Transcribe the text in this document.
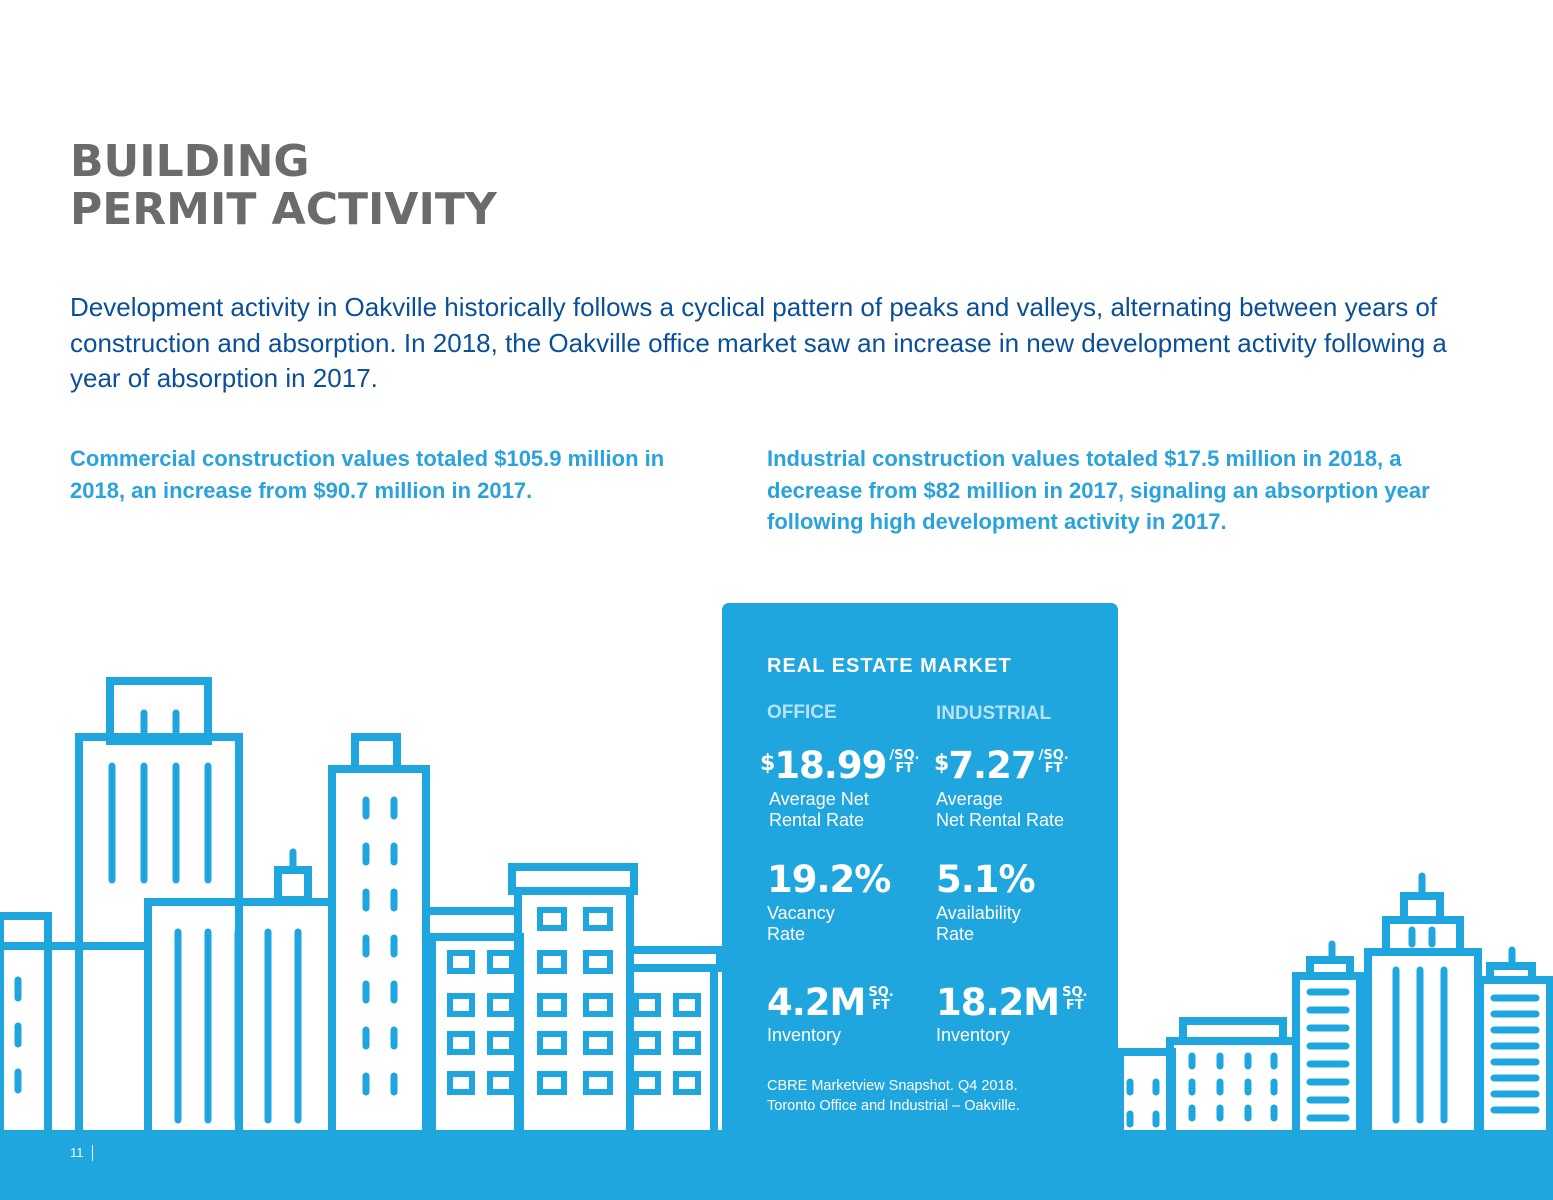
BUILDING
PERMIT ACTIVITY

Development activity in Oakville historically follows a cyclical pattern of peaks and valleys, alternating between years of construction and absorption. In 2018, the Oakville office market saw an increase in new development activity following a year of absorption in 2017.

Commercial construction values totaled $105.9 million in 2018, an increase from $90.7 million in 2017.

Industrial construction values totaled $17.5 million in 2018, a decrease from $82 million in 2017, signaling an absorption year following high development activity in 2017.

11
REAL ESTATE MARKET
OFFICE	INDUSTRIAL
$18.99 /SQ.
FT $7.27 /SQ.
FT
Average Net
Rental Rate
Average
Net Rental Rate
19.2% 5.1%
Vacancy
Rate
Availability
Rate
4.2M SQ.
FT 18.2M SQ.
FT
Inventory	Inventory
CBRE Marketview Snapshot. Q4 2018.
Toronto Office and Industrial – Oakville.
